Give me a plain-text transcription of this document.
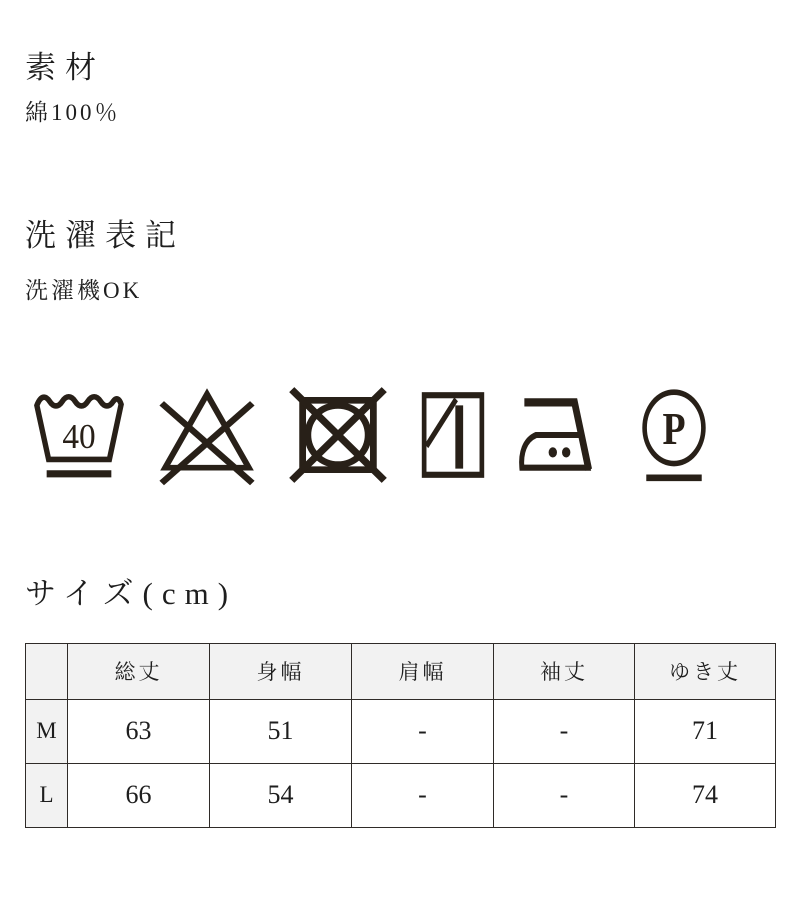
素材

綿100％

洗濯表記

洗濯機OK

40	P
サイズ(cm)
	総丈	身幅	肩幅	袖丈	ゆき丈
M	63	51	-	-	71
L	66	54	-	-	74
